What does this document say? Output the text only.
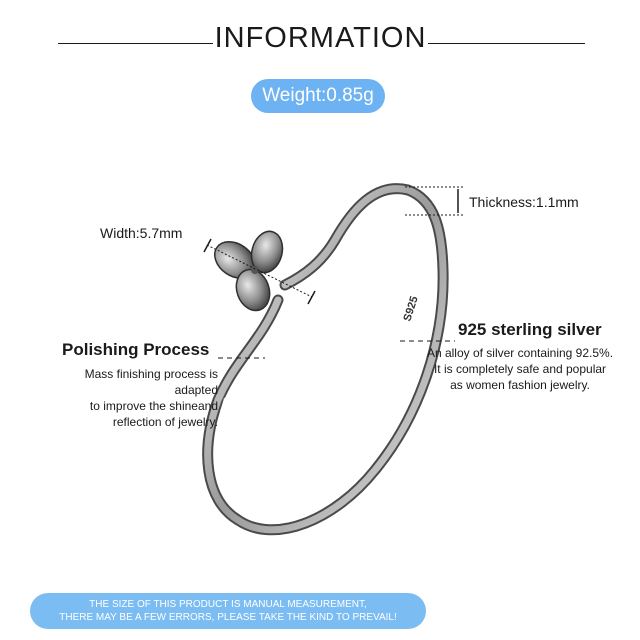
INFORMATION
Weight:0.85g
S925
Thickness:1.1mm
Width:5.7mm
Polishing Process
Mass finishing process is adapted
to improve the shineand
reflection of jewelry.
925 sterling silver
An alloy of silver containing 92.5%.
It is completely safe and popular
as women fashion jewelry.
THE SIZE OF THIS PRODUCT IS MANUAL MEASUREMENT,
THERE MAY BE A FEW ERRORS, PLEASE TAKE THE KIND TO PREVAIL!
